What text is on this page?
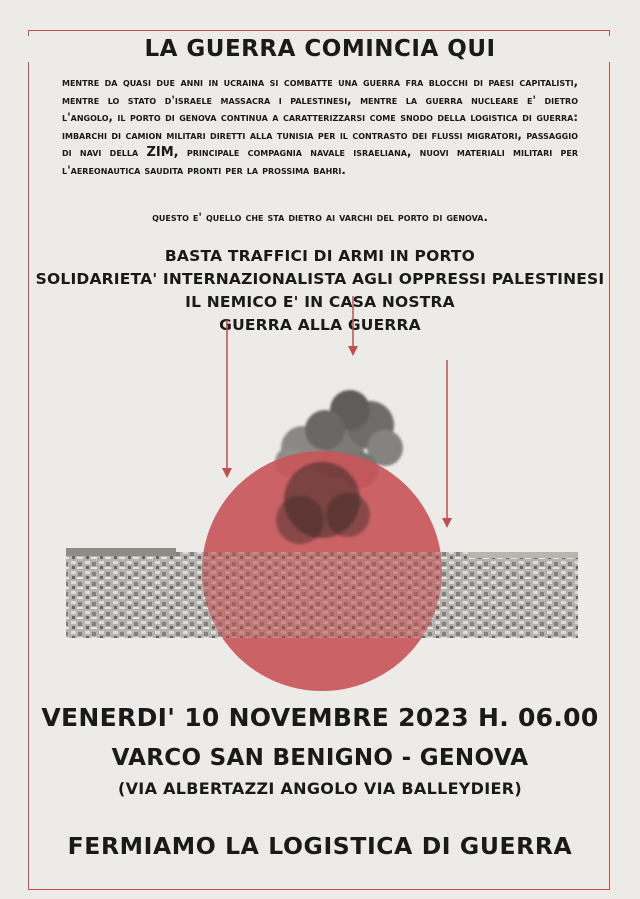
LA GUERRA COMINCIA QUI

mentre da quasi due anni in ucraina si combatte una guerra fra blocchi di paesi capitalisti, mentre lo stato d'israele massacra i palestinesi, mentre la guerra nucleare e' dietro l'angolo, il porto di genova continua a caratterizzarsi come snodo della logistica di guerra: imbarchi di camion militari diretti alla tunisia per il contrasto dei flussi migratori, passaggio di navi della ZIM, principale compagnia navale israeliana, nuovi materiali militari per l'aereonautica saudita pronti per la prossima bahri.

questo e' quello che sta dietro ai varchi del porto di genova.
BASTA TRAFFICI DI ARMI IN PORTO
SOLIDARIETA' INTERNAZIONALISTA AGLI OPPRESSI PALESTINESI
IL NEMICO E' IN CASA NOSTRA
GUERRA ALLA GUERRA
VENERDI' 10 NOVEMBRE 2023 H. 06.00
VARCO SAN BENIGNO - GENOVA
(VIA ALBERTAZZI ANGOLO VIA BALLEYDIER)
FERMIAMO LA LOGISTICA DI GUERRA
